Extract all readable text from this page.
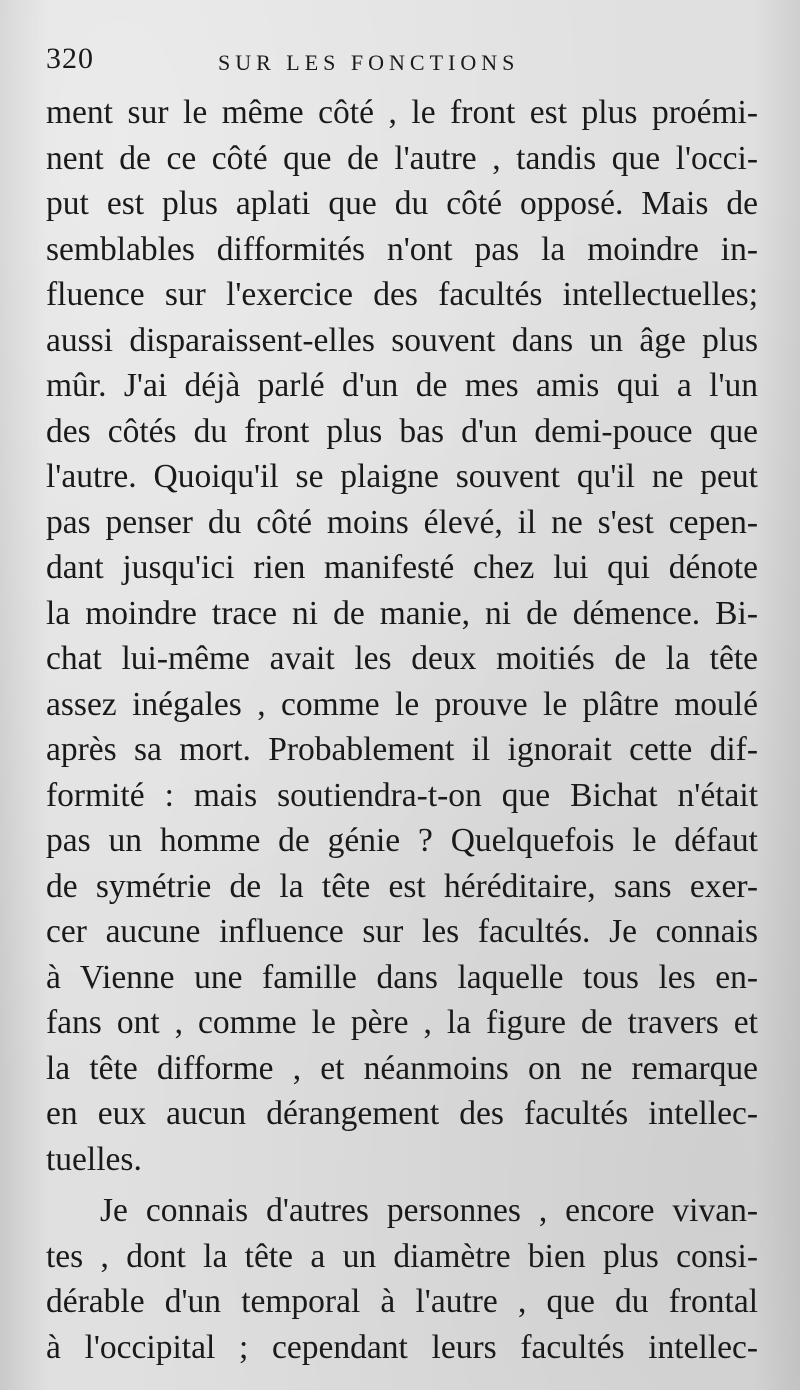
320	SUR LES FONCTIONS
ment sur le même côté , le front est plus proémi-
nent de ce côté que de l'autre , tandis que l'occi-
put est plus aplati que du côté opposé. Mais de
semblables difformités n'ont pas la moindre in-
fluence sur l'exercice des facultés intellectuelles;
aussi disparaissent-elles souvent dans un âge plus
mûr. J'ai déjà parlé d'un de mes amis qui a l'un
des côtés du front plus bas d'un demi-pouce que
l'autre. Quoiqu'il se plaigne souvent qu'il ne peut
pas penser du côté moins élevé, il ne s'est cepen-
dant jusqu'ici rien manifesté chez lui qui dénote
la moindre trace ni de manie, ni de démence. Bi-
chat lui-même avait les deux moitiés de la tête
assez inégales , comme le prouve le plâtre moulé
après sa mort. Probablement il ignorait cette dif-
formité : mais soutiendra-t-on que Bichat n'était
pas un homme de génie ? Quelquefois le défaut
de symétrie de la tête est héréditaire, sans exer-
cer aucune influence sur les facultés. Je connais
à Vienne une famille dans laquelle tous les en-
fans ont , comme le père , la figure de travers et
la tête difforme , et néanmoins on ne remarque
en eux aucun dérangement des facultés intellec-
tuelles.
Je connais d'autres personnes , encore vivan-
tes , dont la tête a un diamètre bien plus consi-
dérable d'un temporal à l'autre , que du frontal
à l'occipital ; cependant leurs facultés intellec-
